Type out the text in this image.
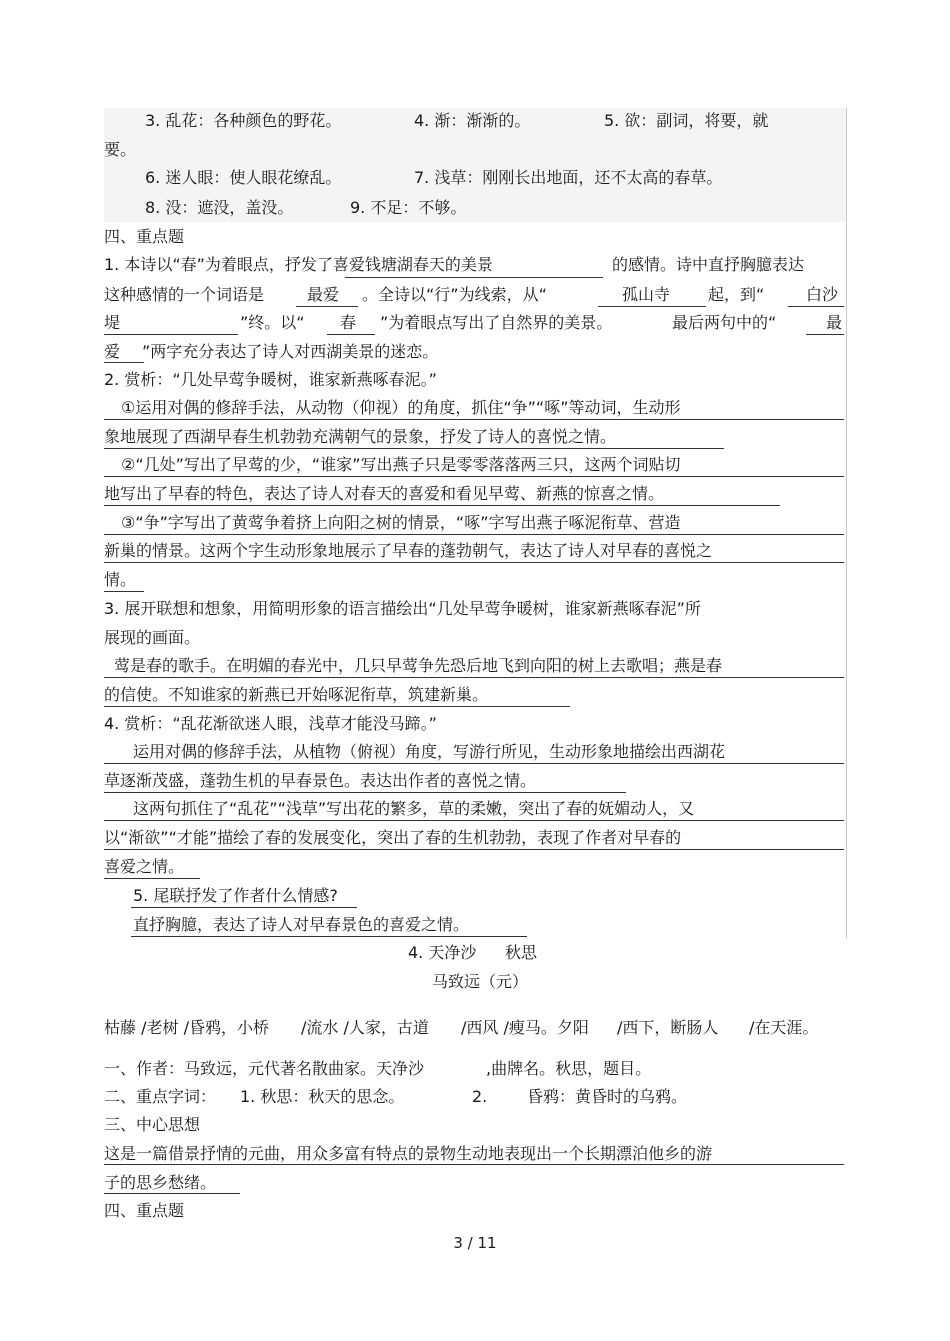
3. 乱花：各种颜色的野花。	4. 渐：渐渐的。	5. 欲：副词，将要，就
要。
6. 迷人眼：使人眼花缭乱。	7. 浅草：刚刚长出地面，还不太高的春草。
8. 没：遮没，盖没。	9. 不足：不够。
四、重点题
1. 本诗以“春”为着眼点，抒发了喜爱钱塘湖春天的美景	的感情。诗中直抒胸臆表达
这种感情的一个词语是	最爱 。全诗以“行”为线索，从“	孤山寺 起，到“	白沙
堤	”终。以“ 春 ”为着眼点写出了自然界的美景。	最后两句中的“	最
爱 ”两字充分表达了诗人对西湖美景的迷恋。
2. 赏析：“几处早莺争暖树，谁家新燕啄春泥。”
①运用对偶的修辞手法，从动物（仰视）的角度，抓住“争”“啄”等动词，生动形
象地展现了西湖早春生机勃勃充满朝气的景象，抒发了诗人的喜悦之情。
②“几处”写出了早莺的少，“谁家”写出燕子只是零零落落两三只，这两个词贴切
地写出了早春的特色，表达了诗人对春天的喜爱和看见早莺、新燕的惊喜之情。
③“争”字写出了黄莺争着挤上向阳之树的情景，“啄”字写出燕子啄泥衔草、营造
新巢的情景。这两个字生动形象地展示了早春的蓬勃朝气，表达了诗人对早春的喜悦之
情。
3. 展开联想和想象，用简明形象的语言描绘出“几处早莺争暖树，谁家新燕啄春泥”所
展现的画面。
莺是春的歌手。在明媚的春光中，几只早莺争先恐后地飞到向阳的树上去歌唱；燕是春
的信使。不知谁家的新燕已开始啄泥衔草，筑建新巢。
4. 赏析：“乱花渐欲迷人眼，浅草才能没马蹄。”
运用对偶的修辞手法，从植物（俯视）角度，写游行所见，生动形象地描绘出西湖花
草逐渐茂盛，蓬勃生机的早春景色。表达出作者的喜悦之情。
这两句抓住了“乱花”“浅草”写出花的繁多，草的柔嫩，突出了春的妩媚动人，又
以“渐欲”“才能”描绘了春的发展变化，突出了春的生机勃勃，表现了作者对早春的
喜爱之情。
5. 尾联抒发了作者什么情感?
直抒胸臆，表达了诗人对早春景色的喜爱之情。
4. 天净沙 秋思
马致远（元）
枯藤 /老树 /昏鸦，小桥 /流水 /人家，古道 /西风 /瘦马。夕阳 /西下，断肠人 /在天涯。
一、作者：马致远，元代著名散曲家。天净沙	,曲牌名。秋思，题目。
二、重点字词： 1. 秋思：秋天的思念。	2. 昏鸦：黄昏时的乌鸦。
三、中心思想
这是一篇借景抒情的元曲，用众多富有特点的景物生动地表现出一个长期漂泊他乡的游
子的思乡愁绪。
四、重点题
3 / 11
